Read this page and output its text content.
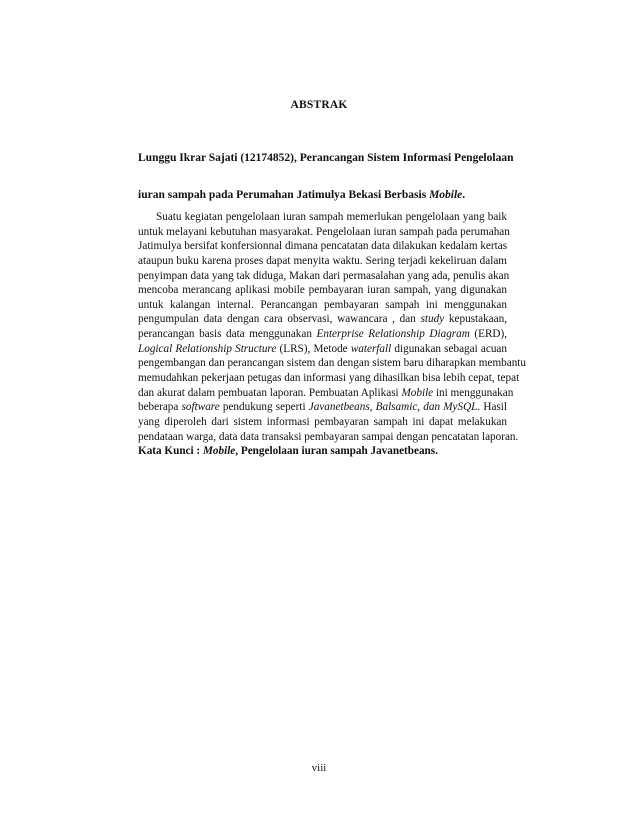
ABSTRAK
Lunggu Ikrar Sajati (12174852), Perancangan Sistem Informasi Pengelolaan
iuran sampah pada Perumahan Jatimulya Bekasi Berbasis Mobile.
Suatu kegiatan pengelolaan iuran sampah memerlukan pengelolaan yang baik
untuk melayani kebutuhan masyarakat. Pengelolaan iuran sampah pada perumahan
Jatimulya bersifat konfersionnal dimana pencatatan data dilakukan kedalam kertas
ataupun buku karena proses dapat menyita waktu. Sering terjadi kekeliruan dalam
penyimpan data yang tak diduga, Makan dari permasalahan yang ada, penulis akan
mencoba merancang aplikasi mobile pembayaran iuran sampah, yang digunakan
untuk kalangan internal. Perancangan pembayaran sampah ini menggunakan
pengumpulan data dengan cara observasi, wawancara , dan study kepustakaan,
perancangan basis data menggunakan Enterprise Relationship Diagram (ERD),
Logical Relationship Structure (LRS), Metode waterfall digunakan sebagai acuan
pengembangan dan perancangan sistem dan dengan sistem baru diharapkan membantu
memudahkan pekerjaan petugas dan informasi yang dihasilkan bisa lebih cepat, tepat
dan akurat dalam pembuatan laporan. Pembuatan Aplikasi Mobile ini menggunakan
beberapa software pendukung seperti Javanetbeans, Balsamic, dan MySQL. Hasil
yang diperoleh dari sistem informasi pembayaran sampah ini dapat melakukan
pendataan warga, data data transaksi pembayaran sampai dengan pencatatan laporan.
Kata Kunci : Mobile, Pengelolaan iuran sampah Javanetbeans.
viii
